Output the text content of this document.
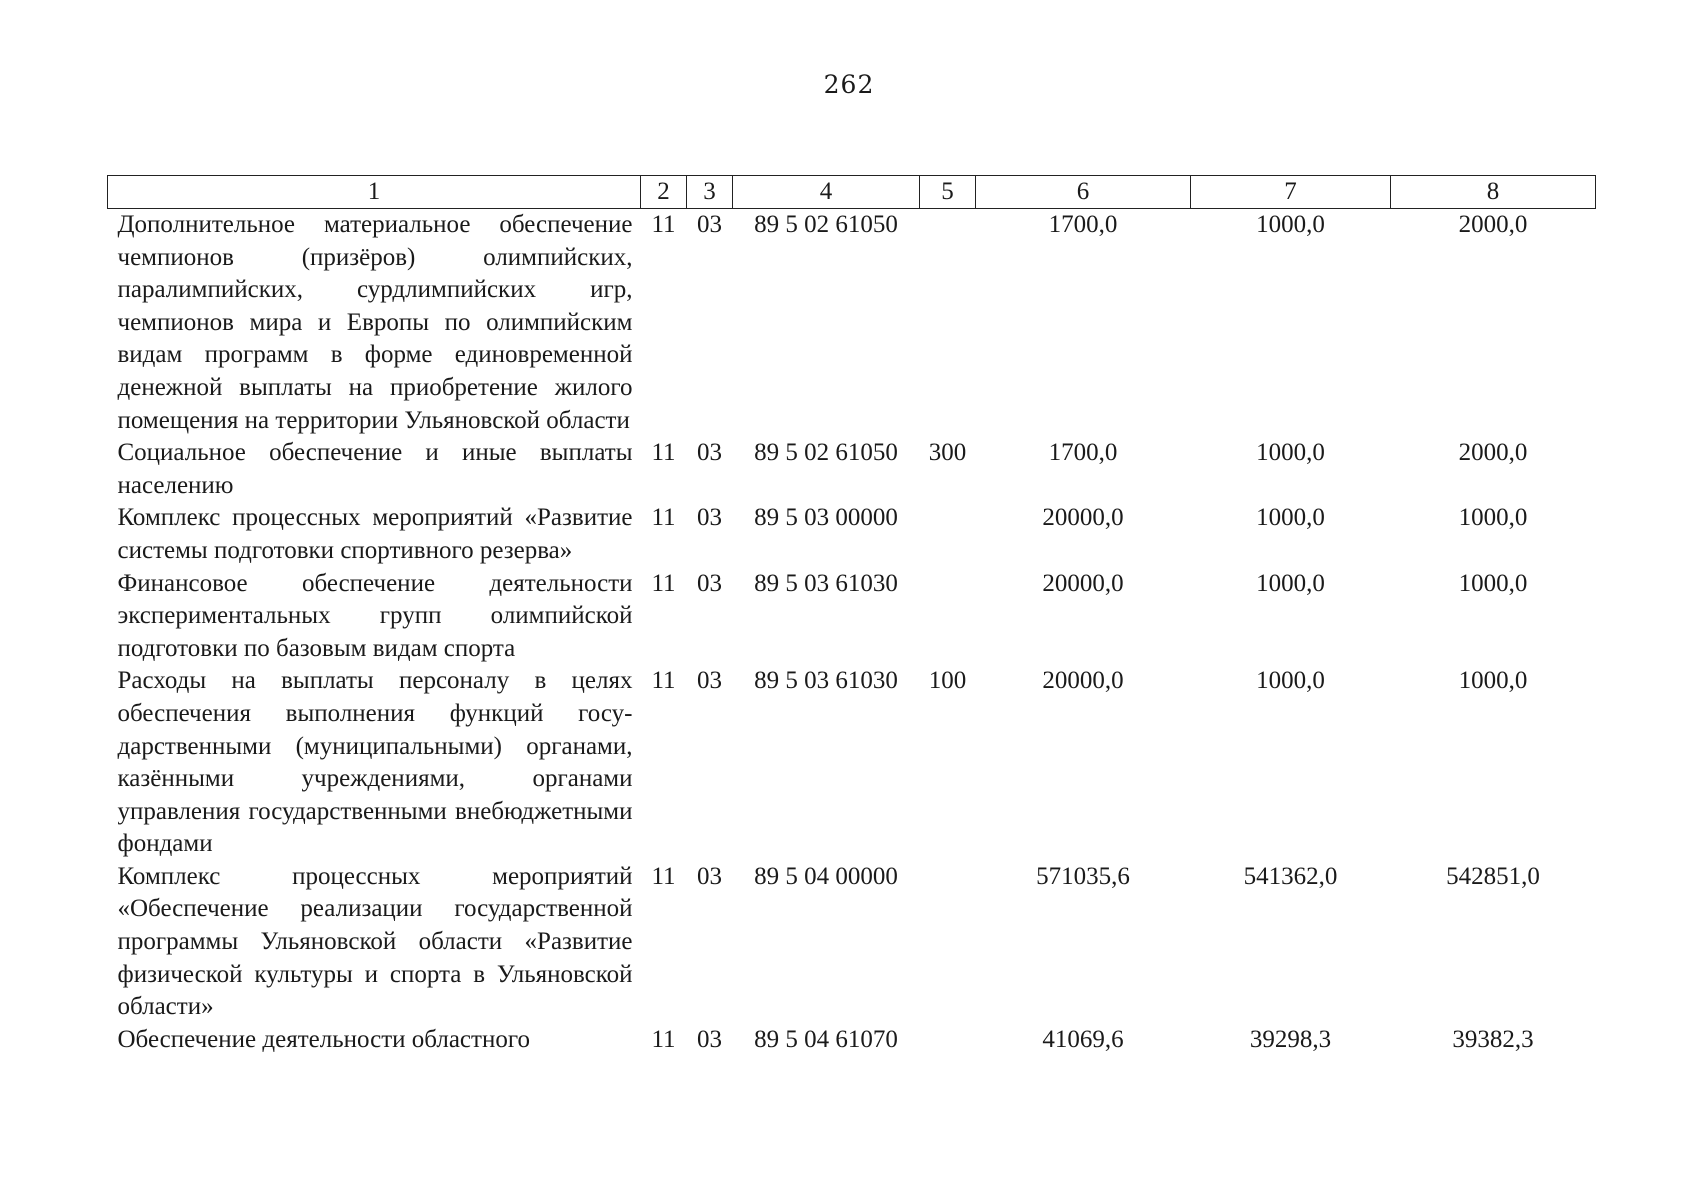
262
1	2	3	4	5	6	7	8
Дополнительное материальное обеспечение чемпионов (призёров) олимпийских, паралимпийских, сурдлимпийских игр, чемпионов мира и Европы по олимпийским видам программ в форме единовременной денежной выплаты на приобретение жилого помещения на территории Ульяновской области	11	03	89 5 02 61050		1700,0	1000,0	2000,0
Социальное обеспечение и иные выплаты населению	11	03	89 5 02 61050	300	1700,0	1000,0	2000,0
Комплекс процессных мероприятий «Развитие системы подготовки спортивного резерва»	11	03	89 5 03 00000		20000,0	1000,0	1000,0
Финансовое обеспечение деятельности экспериментальных групп олимпийской подготовки по базовым видам спорта	11	03	89 5 03 61030		20000,0	1000,0	1000,0
Расходы на выплаты персоналу в целях обеспечения выполнения функций государственными (муниципальными) органами, казёнными учреждениями, органами управления государственными внебюджетными фондами	11	03	89 5 03 61030	100	20000,0	1000,0	1000,0
Комплекс процессных мероприятий «Обеспечение реализации государственной программы Ульяновской области «Развитие физической культуры и спорта в Ульяновской области»	11	03	89 5 04 00000		571035,6	541362,0	542851,0
Обеспечение деятельности областного	11	03	89 5 04 61070		41069,6	39298,3	39382,3
